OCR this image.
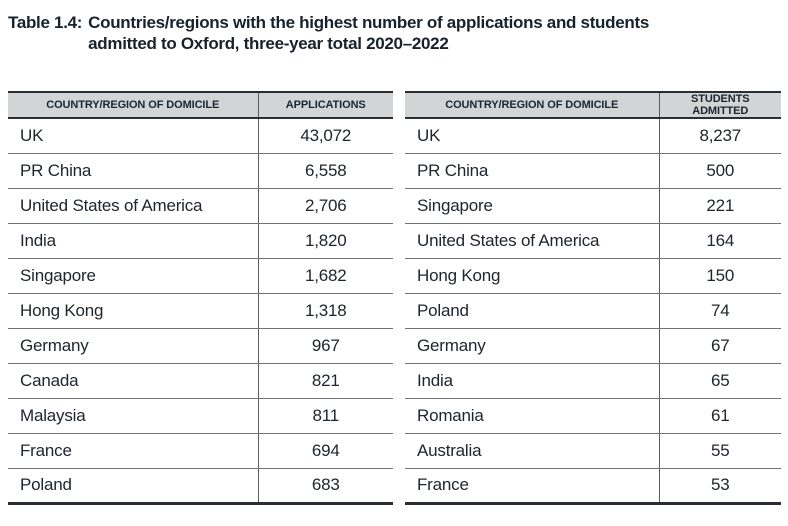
Table 1.4: Countries/regions with the highest number of applications and students
admitted to Oxford, three-year total 2020–2022
COUNTRY/REGION OF DOMICILE	APPLICATIONS
UK	43,072
PR China	6,558
United States of America	2,706
India	1,820
Singapore	1,682
Hong Kong	1,318
Germany	967
Canada	821
Malaysia	811
France	694
Poland	683
COUNTRY/REGION OF DOMICILE	STUDENTS ADMITTED
UK	8,237
PR China	500
Singapore	221
United States of America	164
Hong Kong	150
Poland	74
Germany	67
India	65
Romania	61
Australia	55
France	53
